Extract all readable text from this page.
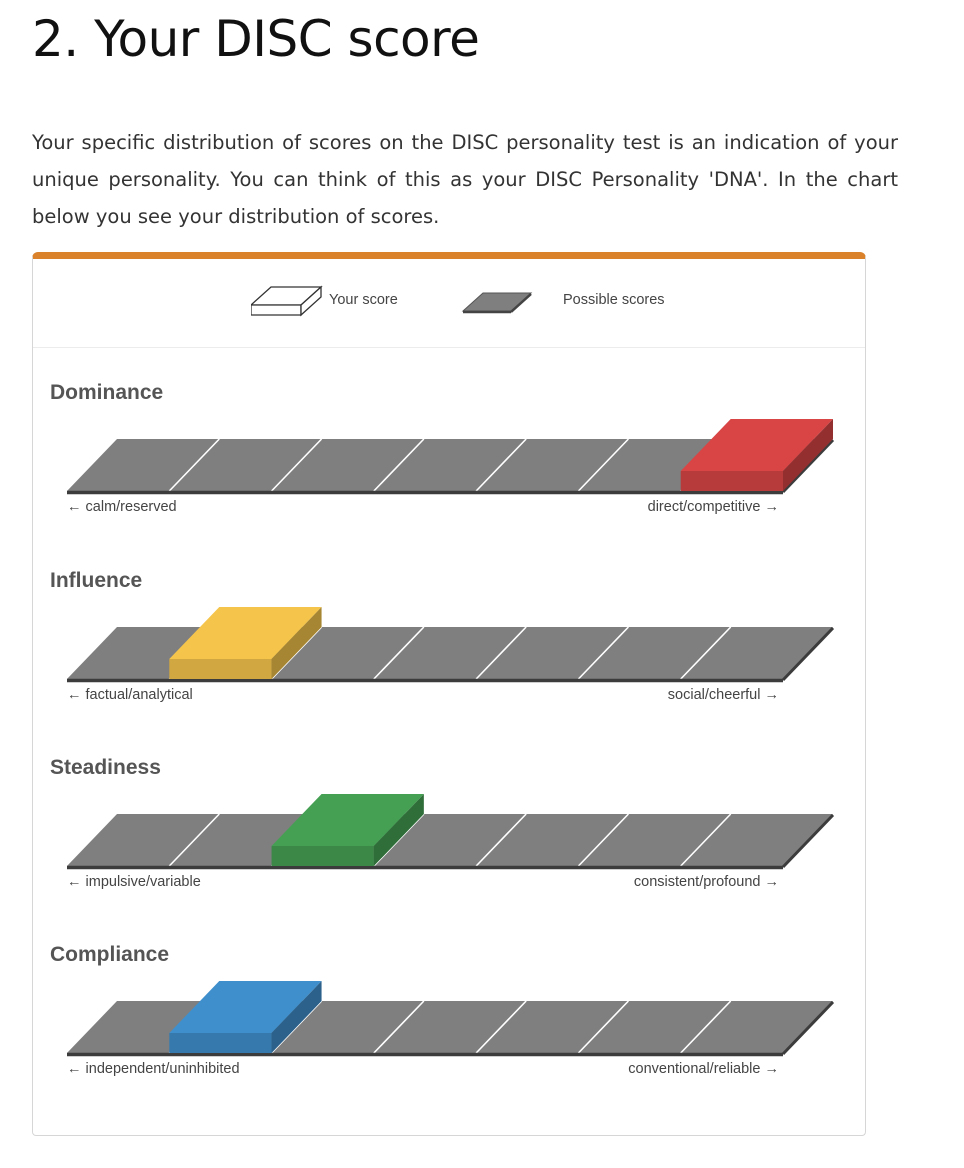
2. Your DISC score

Your specific distribution of scores on the DISC personality test is an indication of your unique personality. You can think of this as your DISC Personality 'DNA'. In the chart below you see your distribution of scores.

Your score	Possible scores
Dominance
← calm/reserved	direct/competitive →
Influence
← factual/analytical	social/cheerful →
Steadiness
← impulsive/variable	consistent/profound →
Compliance
← independent/uninhibited	conventional/reliable →
